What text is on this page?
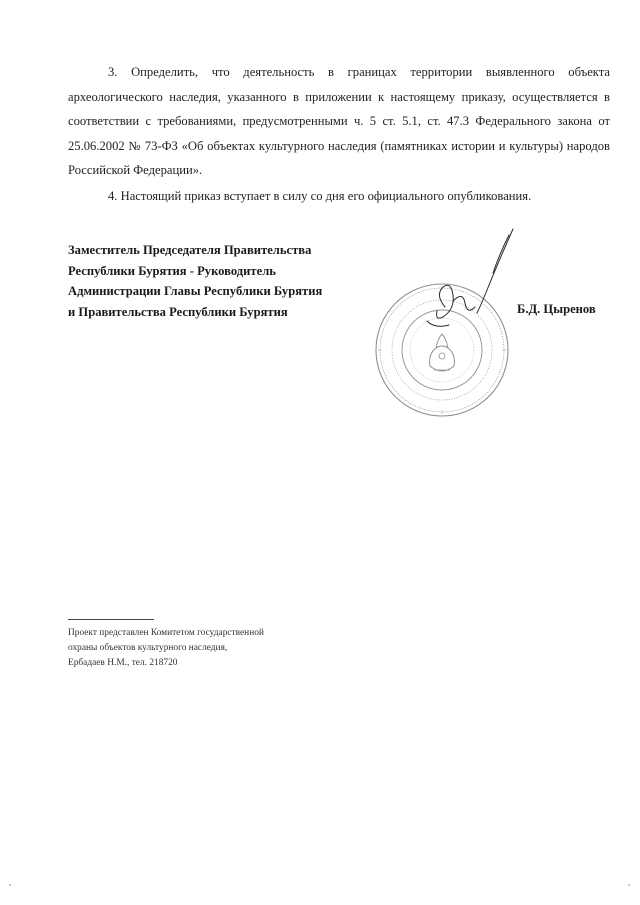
3. Определить, что деятельность в границах территории выявленного объекта археологического наследия, указанного в приложении к настоящему приказу, осуществляется в соответствии с требованиями, предусмотренными ч. 5 ст. 5.1, ст. 47.3 Федерального закона от 25.06.2002 № 73-ФЗ «Об объектах культурного наследия (памятниках истории и культуры) народов Российской Федерации».

4. Настоящий приказ вступает в силу со дня его официального опубликования.

Заместитель Председателя Правительства
Республики Бурятия - Руководитель
Администрации Главы Республики Бурятия
и Правительства Республики Бурятия	Б.Д. Цыренов
Проект представлен Комитетом государственной
охраны объектов культурного наследия,
Ербадаев Н.М., тел. 218720
